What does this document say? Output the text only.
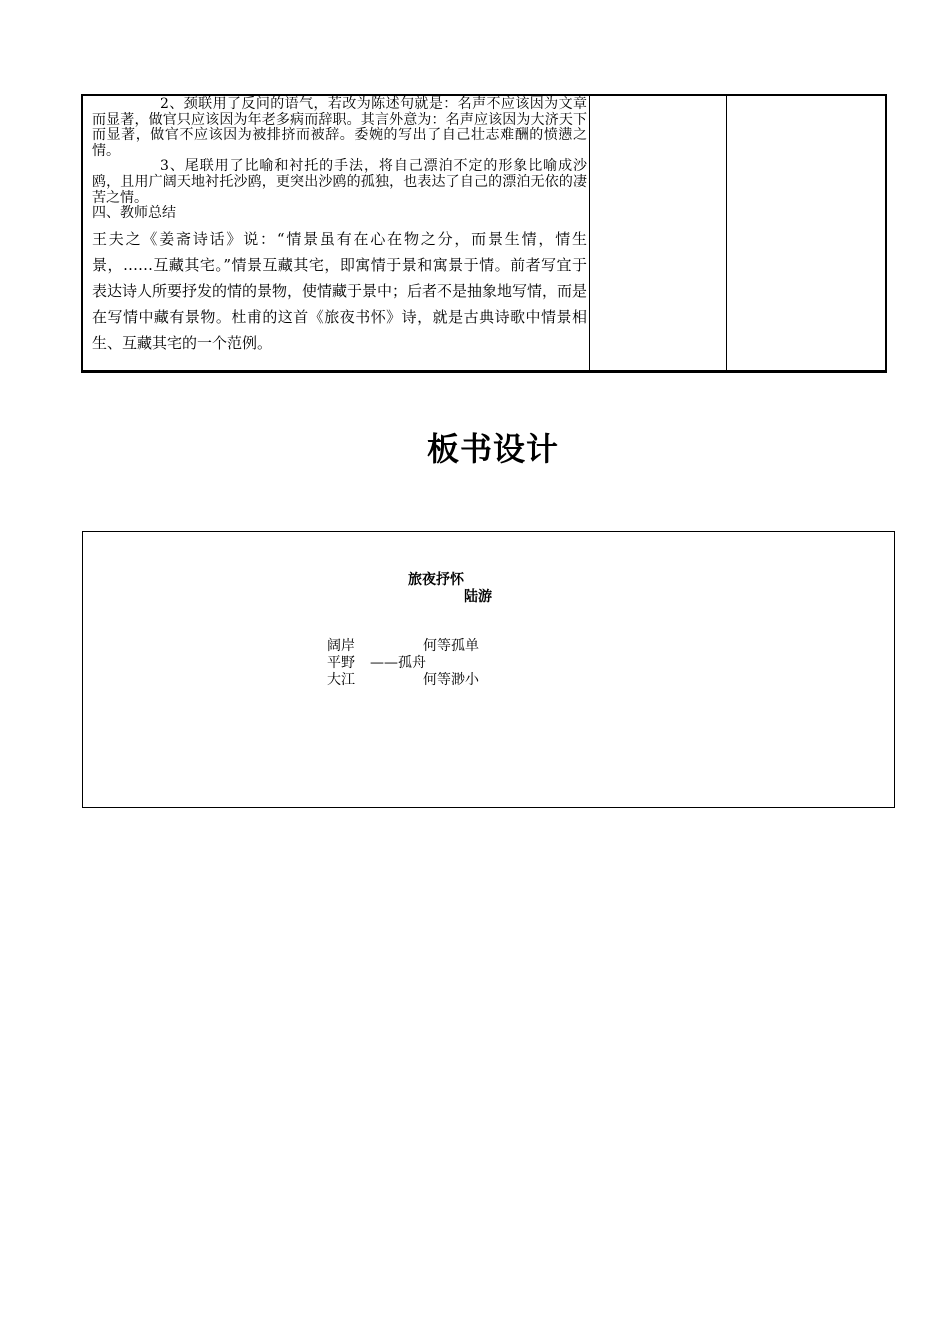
2、颈联用了反问的语气，若改为陈述句就是：名声不应该因为文章而显著，做官只应该因为年老多病而辞职。其言外意为：名声应该因为大济天下而显著，做官不应该因为被排挤而被辞。委婉的写出了自己壮志难酬的愤懑之情。

3、尾联用了比喻和衬托的手法，将自己漂泊不定的形象比喻成沙鸥，且用广阔天地衬托沙鸥，更突出沙鸥的孤独，也表达了自己的漂泊无依的凄苦之情。

四、教师总结

王夫之《姜斋诗话》说：“情景虽有在心在物之分，而景生情，情生景，……互藏其宅。”情景互藏其宅，即寓情于景和寓景于情。前者写宜于表达诗人所要抒发的情的景物，使情藏于景中；后者不是抽象地写情，而是在写情中藏有景物。杜甫的这首《旅夜书怀》诗，就是古典诗歌中情景相生、互藏其宅的一个范例。

板书设计
旅夜抒怀
陆游
阔岸	何等孤单
平野 ——孤舟
大江	何等渺小
